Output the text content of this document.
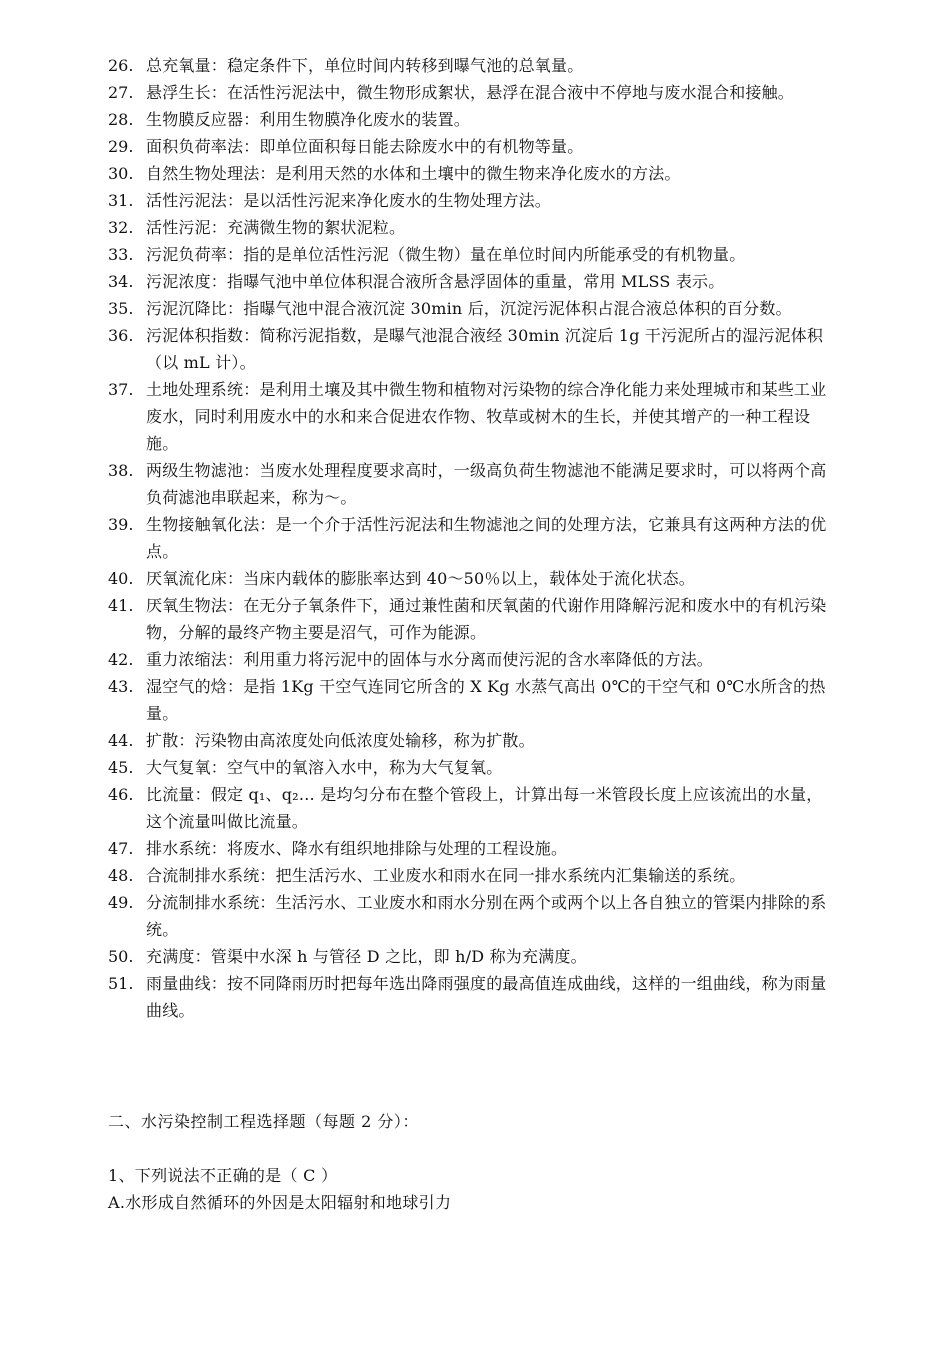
26. 总充氧量：稳定条件下，单位时间内转移到曝气池的总氧量。
27. 悬浮生长：在活性污泥法中，微生物形成絮状，悬浮在混合液中不停地与废水混合和接触。
28. 生物膜反应器：利用生物膜净化废水的装置。
29. 面积负荷率法：即单位面积每日能去除废水中的有机物等量。
30. 自然生物处理法：是利用天然的水体和土壤中的微生物来净化废水的方法。
31. 活性污泥法：是以活性污泥来净化废水的生物处理方法。
32. 活性污泥：充满微生物的絮状泥粒。
33. 污泥负荷率：指的是单位活性污泥（微生物）量在单位时间内所能承受的有机物量。
34. 污泥浓度：指曝气池中单位体积混合液所含悬浮固体的重量，常用 MLSS 表示。
35. 污泥沉降比：指曝气池中混合液沉淀 30min 后，沉淀污泥体积占混合液总体积的百分数。
36. 污泥体积指数：简称污泥指数，是曝气池混合液经 30min 沉淀后 1g 干污泥所占的湿污泥体积（以 mL 计）。
37. 土地处理系统：是利用土壤及其中微生物和植物对污染物的综合净化能力来处理城市和某些工业废水，同时利用废水中的水和来合促进农作物、牧草或树木的生长，并使其增产的一种工程设施。
38. 两级生物滤池：当废水处理程度要求高时，一级高负荷生物滤池不能满足要求时，可以将两个高负荷滤池串联起来，称为～。
39. 生物接触氧化法：是一个介于活性污泥法和生物滤池之间的处理方法，它兼具有这两种方法的优点。
40. 厌氧流化床：当床内载体的膨胀率达到 40～50％以上，载体处于流化状态。
41. 厌氧生物法：在无分子氧条件下，通过兼性菌和厌氧菌的代谢作用降解污泥和废水中的有机污染物，分解的最终产物主要是沼气，可作为能源。
42. 重力浓缩法：利用重力将污泥中的固体与水分离而使污泥的含水率降低的方法。
43. 湿空气的焓：是指 1Kg 干空气连同它所含的 X Kg 水蒸气高出 0℃的干空气和 0℃水所含的热量。
44. 扩散：污染物由高浓度处向低浓度处输移，称为扩散。
45. 大气复氧：空气中的氧溶入水中，称为大气复氧。
46. 比流量：假定 q₁、q₂… 是均匀分布在整个管段上，计算出每一米管段长度上应该流出的水量，这个流量叫做比流量。
47. 排水系统：将废水、降水有组织地排除与处理的工程设施。
48. 合流制排水系统：把生活污水、工业废水和雨水在同一排水系统内汇集输送的系统。
49. 分流制排水系统：生活污水、工业废水和雨水分别在两个或两个以上各自独立的管渠内排除的系统。
50. 充满度：管渠中水深 h 与管径 D 之比，即 h/D 称为充满度。
51. 雨量曲线：按不同降雨历时把每年选出降雨强度的最高值连成曲线，这样的一组曲线，称为雨量曲线。
二、水污染控制工程选择题（每题 2 分）：
1、下列说法不正确的是（ C ）
A.水形成自然循环的外因是太阳辐射和地球引力
